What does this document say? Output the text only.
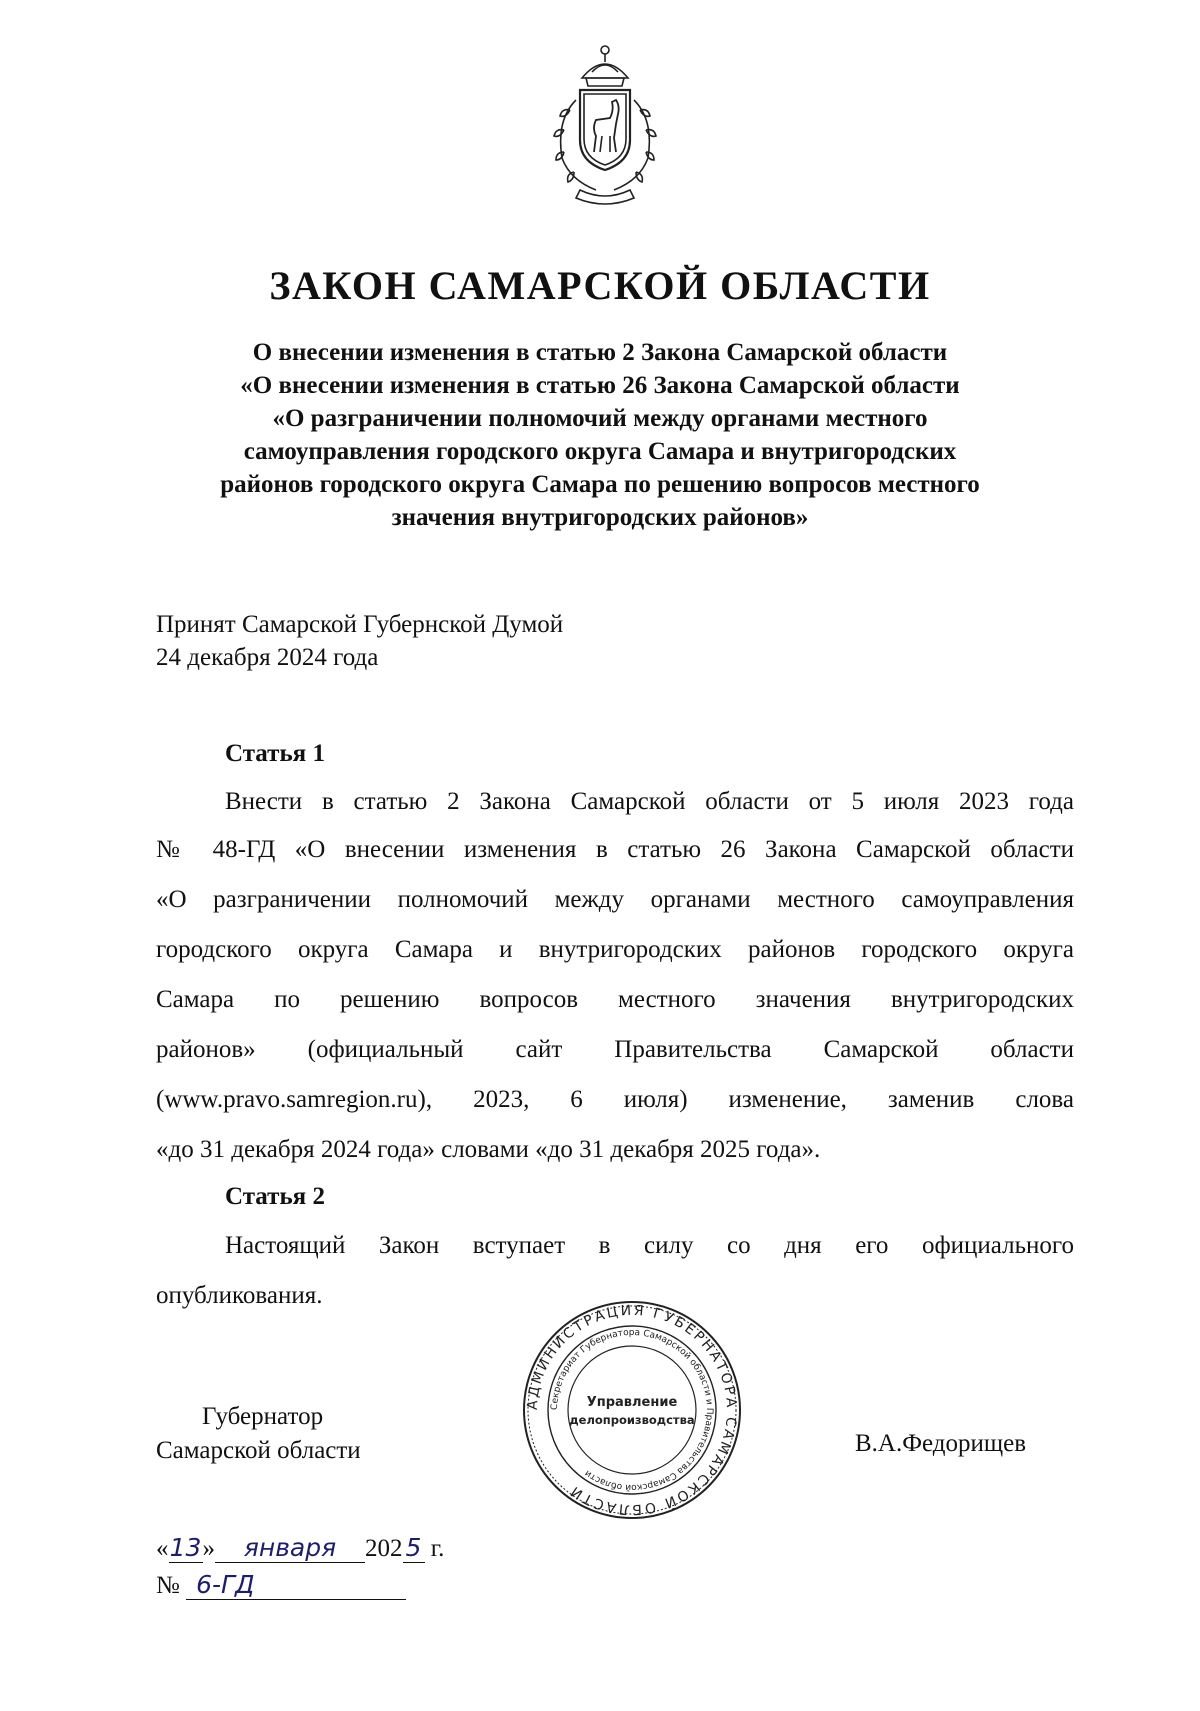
ЗАКОН САМАРСКОЙ ОБЛАСТИ
О внесении изменения в статью 2 Закона Самарской области
«О внесении изменения в статью 26 Закона Самарской области
«О разграничении полномочий между органами местного
самоуправления городского округа Самара и внутригородских
районов городского округа Самара по решению вопросов местного
значения внутригородских районов»
Принят Самарской Губернской Думой
24 декабря 2024 года
Статья 1
Внести в статью 2 Закона Самарской области от 5 июля 2023 года
№ 48-ГД «О внесении изменения в статью 26 Закона Самарской области
«О разграничении полномочий между органами местного самоуправления
городского округа Самара и внутригородских районов городского округа
Самара по решению вопросов местного значения внутригородских
районов» (официальный сайт Правительства Самарской области
(www.pravo.samregion.ru), 2023, 6 июля) изменение, заменив слова
«до 31 декабря 2024 года» словами «до 31 декабря 2025 года».
Статья 2
Настоящий Закон вступает в силу со дня его официального
опубликования.
Губернатор
Самарской области	В.А.Федорищев
«13» января 202 5 г.
№ 6-ГД
АДМИНИСТРАЦИЯ ГУБЕРНАТОРА САМАРСКОЙ ОБЛАСТИ
Секретариат Губернатора Самарской области и Правительства Самарской области
Управление
делопроизводства
